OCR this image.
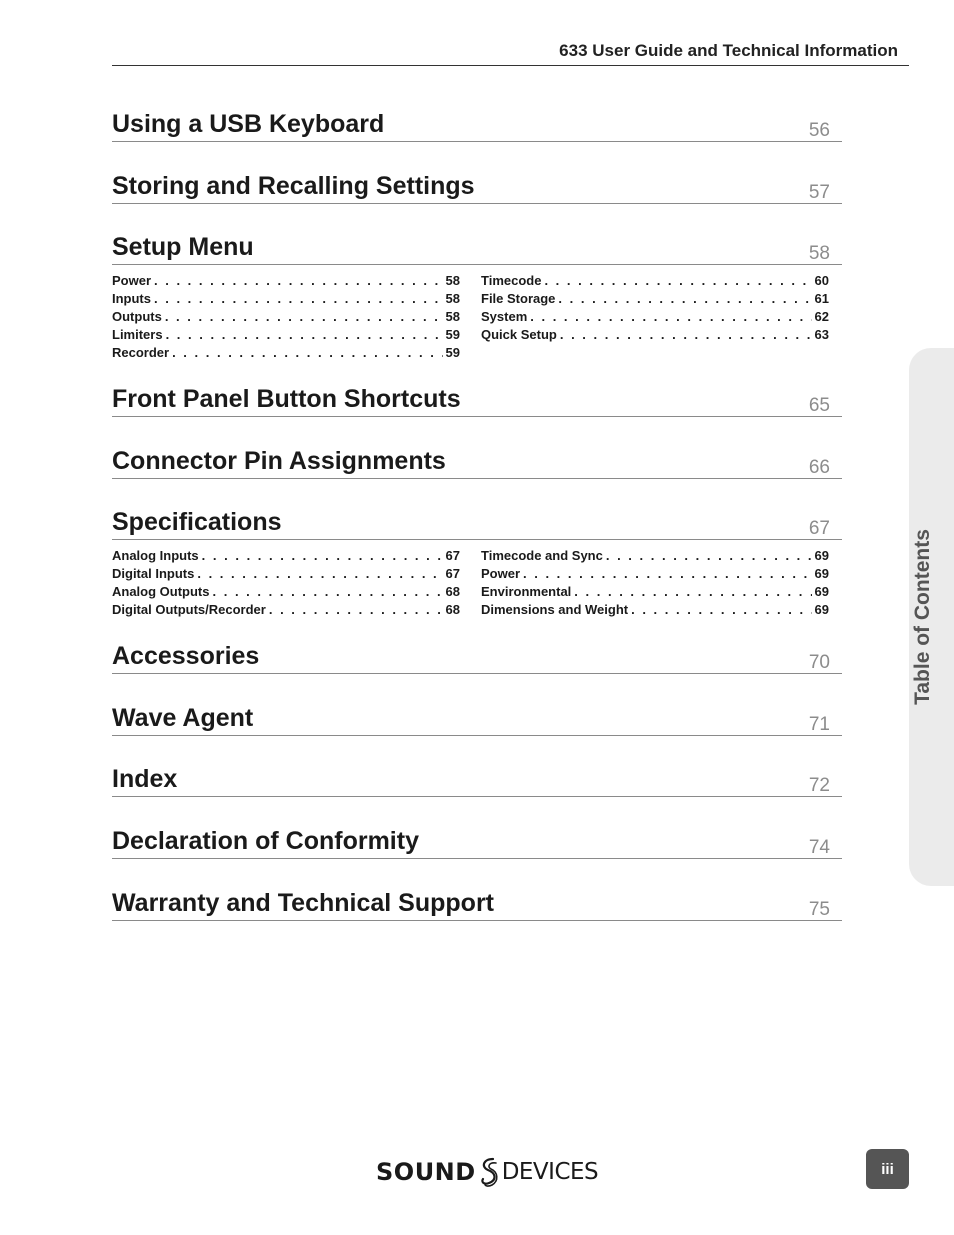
633 User Guide and Technical Information
Using a USB Keyboard	56
Storing and Recalling Settings	57
Setup Menu	58
Power . . .	58
Inputs . . .	58
Outputs . . .	58
Limiters . . .	59
Recorder . . .	59
Timecode . . .	60
File Storage . . .	61
System . . .	62
Quick Setup . . .	63
Front Panel Button Shortcuts	65
Connector Pin Assignments	66
Specifications	67
Analog Inputs . . .	67
Digital Inputs . . .	67
Analog Outputs . . .	68
Digital Outputs/Recorder . . .	68
Timecode and Sync . . .	69
Power . . .	69
Environmental . . .	69
Dimensions and Weight . . .	69
Accessories	70
Wave Agent	71
Index	72
Declaration of Conformity	74
Warranty and Technical Support	75
Table of Contents
SOUND DEVICES	iii
